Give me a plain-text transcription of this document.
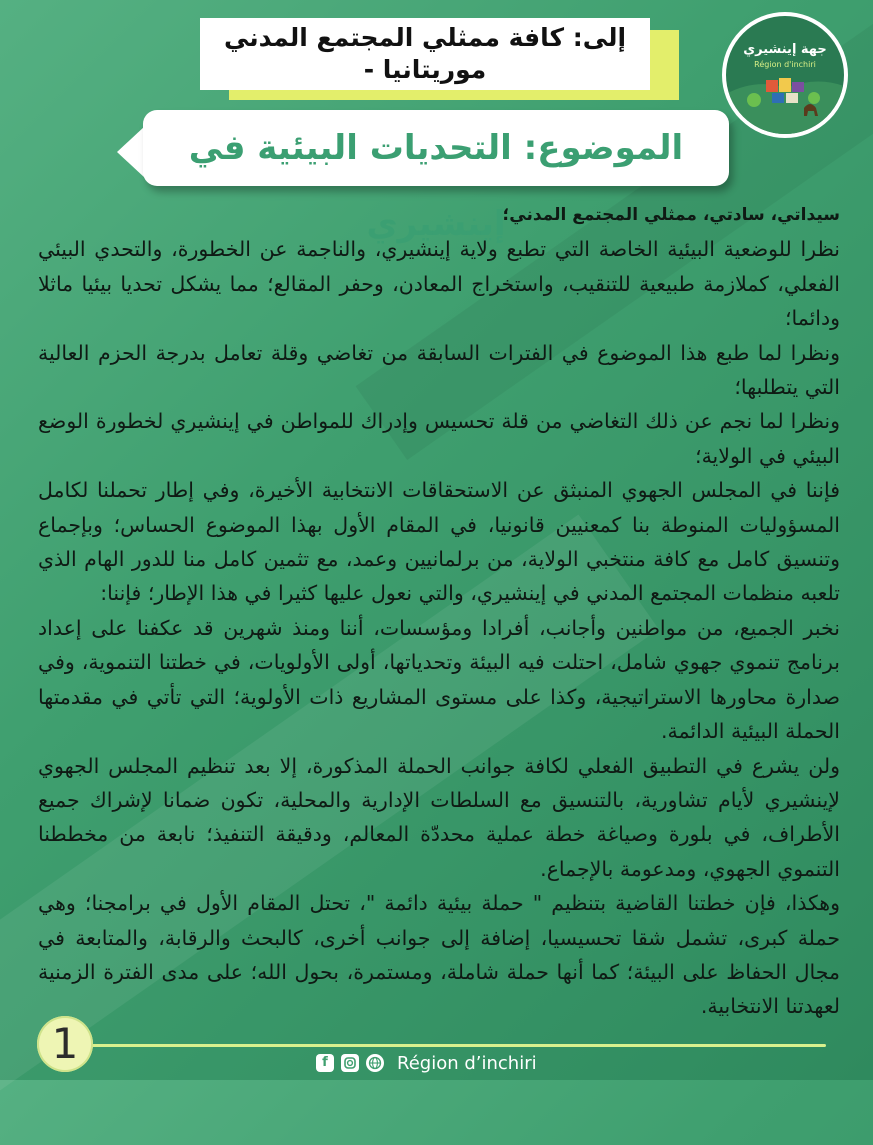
جهة إينشيري
Région d'inchiri
إلى: كافة ممثلي المجتمع المدني
موريتانيا -
الموضوع: التحديات البيئية في إينشيري

سيداتي، سادتي، ممثلي المجتمع المدني؛

نظرا للوضعية البيئية الخاصة التي تطبع ولاية إينشيري، والناجمة عن الخطورة، والتحدي البيئي الفعلي، كملازمة طبيعية للتنقيب، واستخراج المعادن، وحفر المقالع؛ مما يشكل تحديا بيئيا ماثلا ودائما؛

ونظرا لما طبع هذا الموضوع في الفترات السابقة من تغاضي وقلة تعامل بدرجة الحزم العالية التي يتطلبها؛

ونظرا لما نجم عن ذلك التغاضي من قلة تحسيس وإدراك للمواطن في إينشيري لخطورة الوضع البيئي في الولاية؛

فإننا في المجلس الجهوي المنبثق عن الاستحقاقات الانتخابية الأخيرة، وفي إطار تحملنا لكامل المسؤوليات المنوطة بنا كمعنيين قانونيا، في المقام الأول بهذا الموضوع الحساس؛ وبإجماع وتنسيق كامل مع كافة منتخبي الولاية، من برلمانيين وعمد، مع تثمين كامل منا للدور الهام الذي تلعبه منظمات المجتمع المدني في إينشيري، والتي نعول عليها كثيرا في هذا الإطار؛ فإننا:

نخبر الجميع، من مواطنين وأجانب، أفرادا ومؤسسات، أننا ومنذ شهرين قد عكفنا على إعداد برنامج تنموي جهوي شامل، احتلت فيه البيئة وتحدياتها، أولى الأولويات، في خطتنا التنموية، وفي صدارة محاورها الاستراتيجية، وكذا على مستوى المشاريع ذات الأولوية؛ التي تأتي في مقدمتها الحملة البيئية الدائمة.

ولن يشرع في التطبيق الفعلي لكافة جوانب الحملة المذكورة، إلا بعد تنظيم المجلس الجهوي لإينشيري لأيام تشاورية، بالتنسيق مع السلطات الإدارية والمحلية، تكون ضمانا لإشراك جميع الأطراف، في بلورة وصياغة خطة عملية محددّة المعالم، ودقيقة التنفيذ؛ نابعة من مخططنا التنموي الجهوي، ومدعومة بالإجماع.

وهكذا، فإن خطتنا القاضية بتنظيم " حملة بيئية دائمة "، تحتل المقام الأول في برامجنا؛ وهي حملة كبرى، تشمل شقا تحسيسيا، إضافة إلى جوانب أخرى، كالبحث والرقابة، والمتابعة في مجال الحفاظ على البيئة؛ كما أنها حملة شاملة، ومستمرة، بحول الله؛ على مدى الفترة الزمنية لعهدتنا الانتخابية.

1	f	Région d’inchiri
